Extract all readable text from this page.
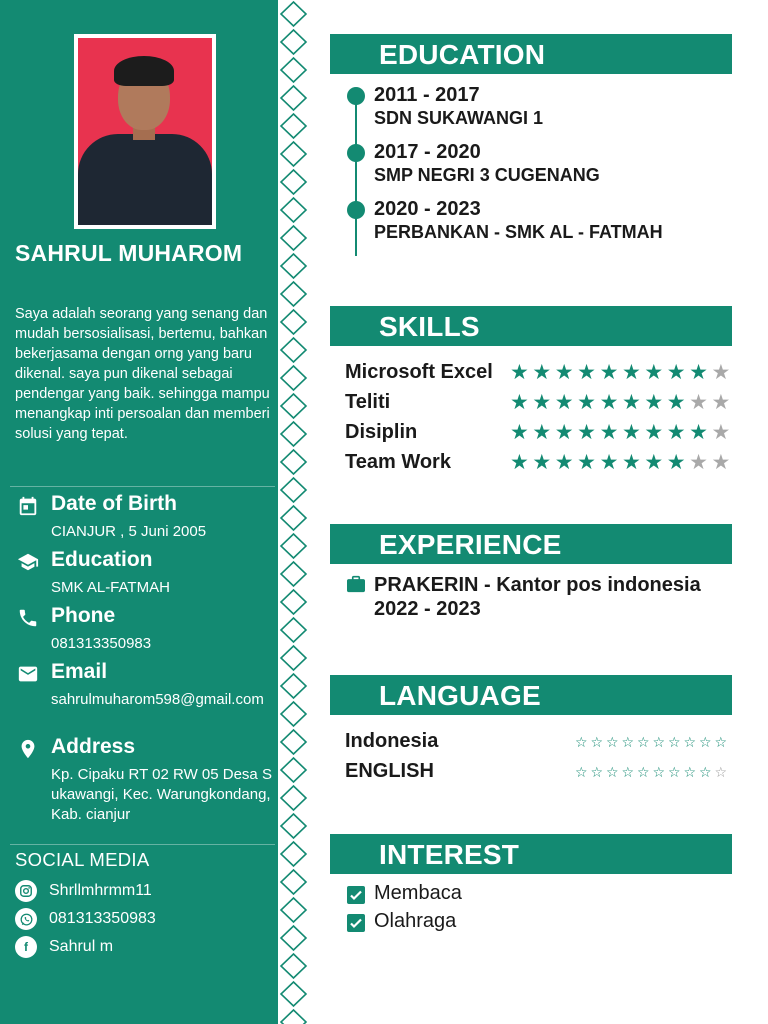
SAHRUL MUHAROM
Saya adalah seorang yang senang dan mudah bersosialisasi, bertemu, bahkan bekerjasama dengan orng yang baru dikenal. saya pun dikenal sebagai pendengar yang baik. sehingga mampu menangkap inti persoalan dan memberi solusi yang tepat.
Date of Birth
CIANJUR , 5 Juni 2005
Education
SMK AL-FATMAH
Phone
081313350983
Email
sahrulmuharom598@gmail.com
Address
Kp. Cipaku RT 02 RW 05 Desa Sukawangi, Kec. Warungkondang, Kab. cianjur
SOCIAL MEDIA
Shrllmhrmm11
081313350983
f	Sahrul m
EDUCATION
2011 - 2017
SDN SUKAWANGI 1
2017 - 2020
SMP NEGRI 3 CUGENANG
2020 - 2023
PERBANKAN - SMK AL - FATMAH
SKILLS
Microsoft Excel ★ ★ ★ ★ ★ ★ ★ ★ ★ ★
Teliti	★ ★ ★ ★ ★ ★ ★ ★ ★ ★
Disiplin	★ ★ ★ ★ ★ ★ ★ ★ ★ ★
Team Work	★ ★ ★ ★ ★ ★ ★ ★ ★ ★
EXPERIENCE
PRAKERIN - Kantor pos indonesia
2022 - 2023
LANGUAGE
Indonesia	☆ ☆ ☆ ☆ ☆ ☆ ☆ ☆ ☆ ☆
ENGLISH	☆ ☆ ☆ ☆ ☆ ☆ ☆ ☆ ☆ ☆
INTEREST
Membaca
Olahraga
